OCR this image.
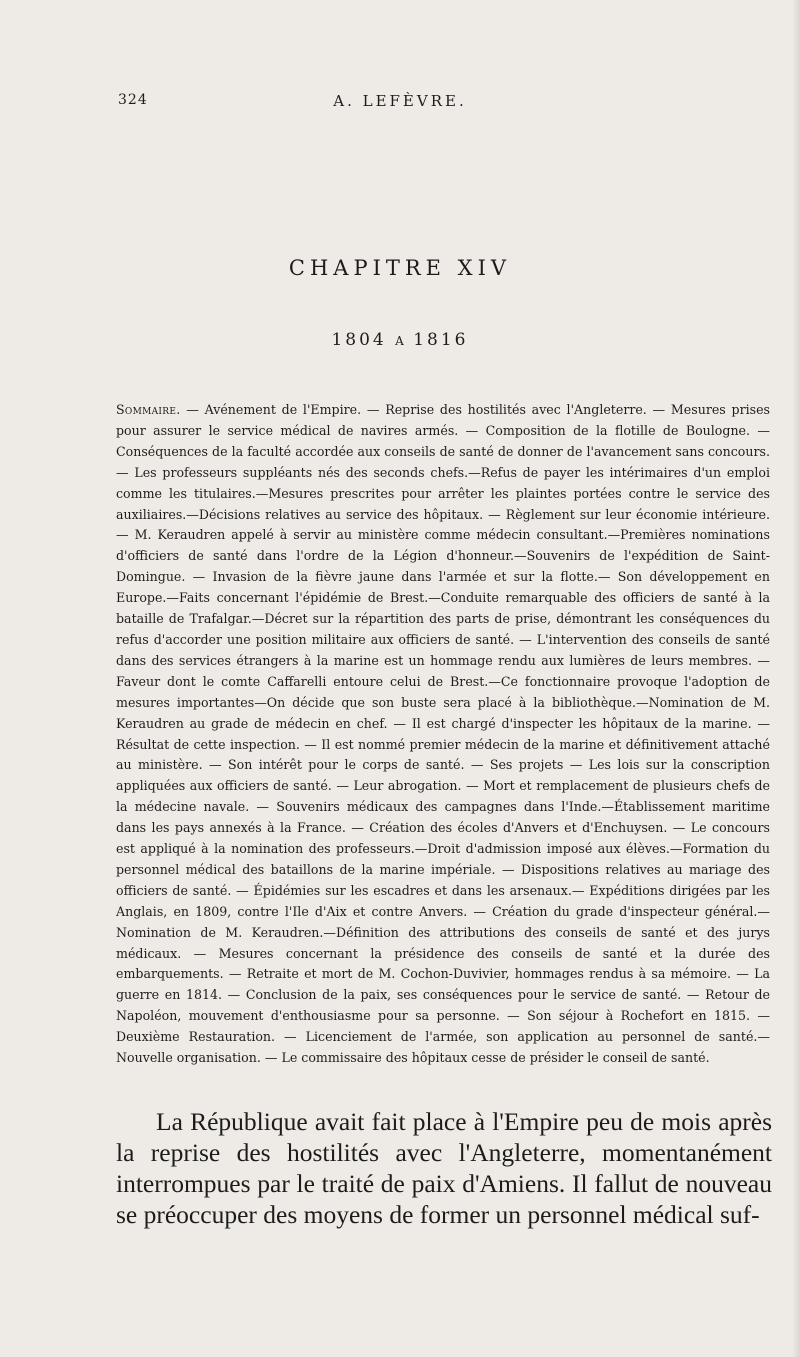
324	A. LEFÈVRE.
CHAPITRE XIV
1804 A 1816

Sommaire. — Avénement de l'Empire. — Reprise des hostilités avec l'Angleterre. — Mesures prises pour assurer le service médical de navires armés. — Composition de la flotille de Boulogne. — Conséquences de la faculté accordée aux conseils de santé de donner de l'avancement sans concours. — Les professeurs suppléants nés des seconds chefs.—Refus de payer les intérimaires d'un emploi comme les titulaires.—Mesures prescrites pour arrêter les plaintes portées contre le service des auxiliaires.—Décisions relatives au service des hôpitaux. — Règlement sur leur économie intérieure. — M. Keraudren appelé à servir au ministère comme médecin consultant.—Premières nominations d'officiers de santé dans l'ordre de la Légion d'honneur.—Souvenirs de l'expédition de Saint-Domingue. — Invasion de la fièvre jaune dans l'armée et sur la flotte.— Son développement en Europe.—Faits concernant l'épidémie de Brest.—Conduite remarquable des officiers de santé à la bataille de Trafalgar.—Décret sur la répartition des parts de prise, démontrant les conséquences du refus d'accorder une position militaire aux officiers de santé. — L'intervention des conseils de santé dans des services étrangers à la marine est un hommage rendu aux lumières de leurs membres. — Faveur dont le comte Caffarelli entoure celui de Brest.—Ce fonctionnaire provoque l'adoption de mesures importantes—On décide que son buste sera placé à la bibliothèque.—Nomination de M. Keraudren au grade de médecin en chef. — Il est chargé d'inspecter les hôpitaux de la marine. — Résultat de cette inspection. — Il est nommé premier médecin de la marine et définitivement attaché au ministère. — Son intérêt pour le corps de santé. — Ses projets — Les lois sur la conscription appliquées aux officiers de santé. — Leur abrogation. — Mort et remplacement de plusieurs chefs de la médecine navale. — Souvenirs médicaux des campagnes dans l'Inde.—Établissement maritime dans les pays annexés à la France. — Création des écoles d'Anvers et d'Enchuysen. — Le concours est appliqué à la nomination des professeurs.—Droit d'admission imposé aux élèves.—Formation du personnel médical des bataillons de la marine impériale. — Dispositions relatives au mariage des officiers de santé. — Épidémies sur les escadres et dans les arsenaux.— Expéditions dirigées par les Anglais, en 1809, contre l'Ile d'Aix et contre Anvers. — Création du grade d'inspecteur général.—Nomination de M. Keraudren.—Définition des attributions des conseils de santé et des jurys médicaux. — Mesures concernant la présidence des conseils de santé et la durée des embarquements. — Retraite et mort de M. Cochon-Duvivier, hommages rendus à sa mémoire. — La guerre en 1814. — Conclusion de la paix, ses conséquences pour le service de santé. — Retour de Napoléon, mouvement d'enthousiasme pour sa personne. — Son séjour à Rochefort en 1815. — Deuxième Restauration. — Licenciement de l'armée, son application au personnel de santé.— Nouvelle organisation. — Le commissaire des hôpitaux cesse de présider le conseil de santé.

La République avait fait place à l'Empire peu de mois après la reprise des hostilités avec l'Angleterre, momentanément interrompues par le traité de paix d'Amiens. Il fallut de nouveau se préoccuper des moyens de former un personnel médical suf-
